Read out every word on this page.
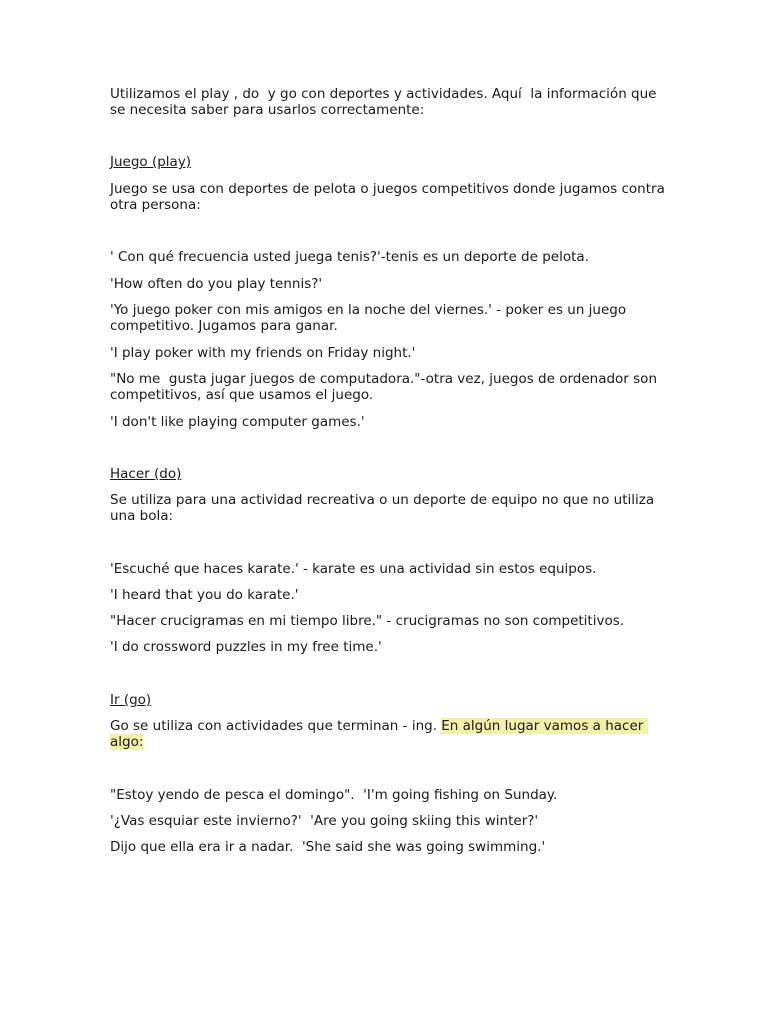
Utilizamos el play , do  y go con deportes y actividades. Aquí  la información que se necesita saber para usarlos correctamente:

Juego (play)

Juego se usa con deportes de pelota o juegos competitivos donde jugamos contra otra persona:

' Con qué frecuencia usted juega tenis?'-tenis es un deporte de pelota.

'How often do you play tennis?'

'Yo juego poker con mis amigos en la noche del viernes.' - poker es un juego competitivo. Jugamos para ganar.

'I play poker with my friends on Friday night.'

"No me  gusta jugar juegos de computadora."-otra vez, juegos de ordenador son competitivos, así que usamos el juego.

'I don't like playing computer games.'

Hacer (do)

Se utiliza para una actividad recreativa o un deporte de equipo no que no utiliza una bola:

'Escuché que haces karate.' - karate es una actividad sin estos equipos.

'I heard that you do karate.'

"Hacer crucigramas en mi tiempo libre." - crucigramas no son competitivos.

'I do crossword puzzles in my free time.'

Ir (go)

Go se utiliza con actividades que terminan - ing. En algún lugar vamos a hacer algo:

"Estoy yendo de pesca el domingo".  'I'm going fishing on Sunday.

'¿Vas esquiar este invierno?'  'Are you going skiing this winter?'

Dijo que ella era ir a nadar.  'She said she was going swimming.'
